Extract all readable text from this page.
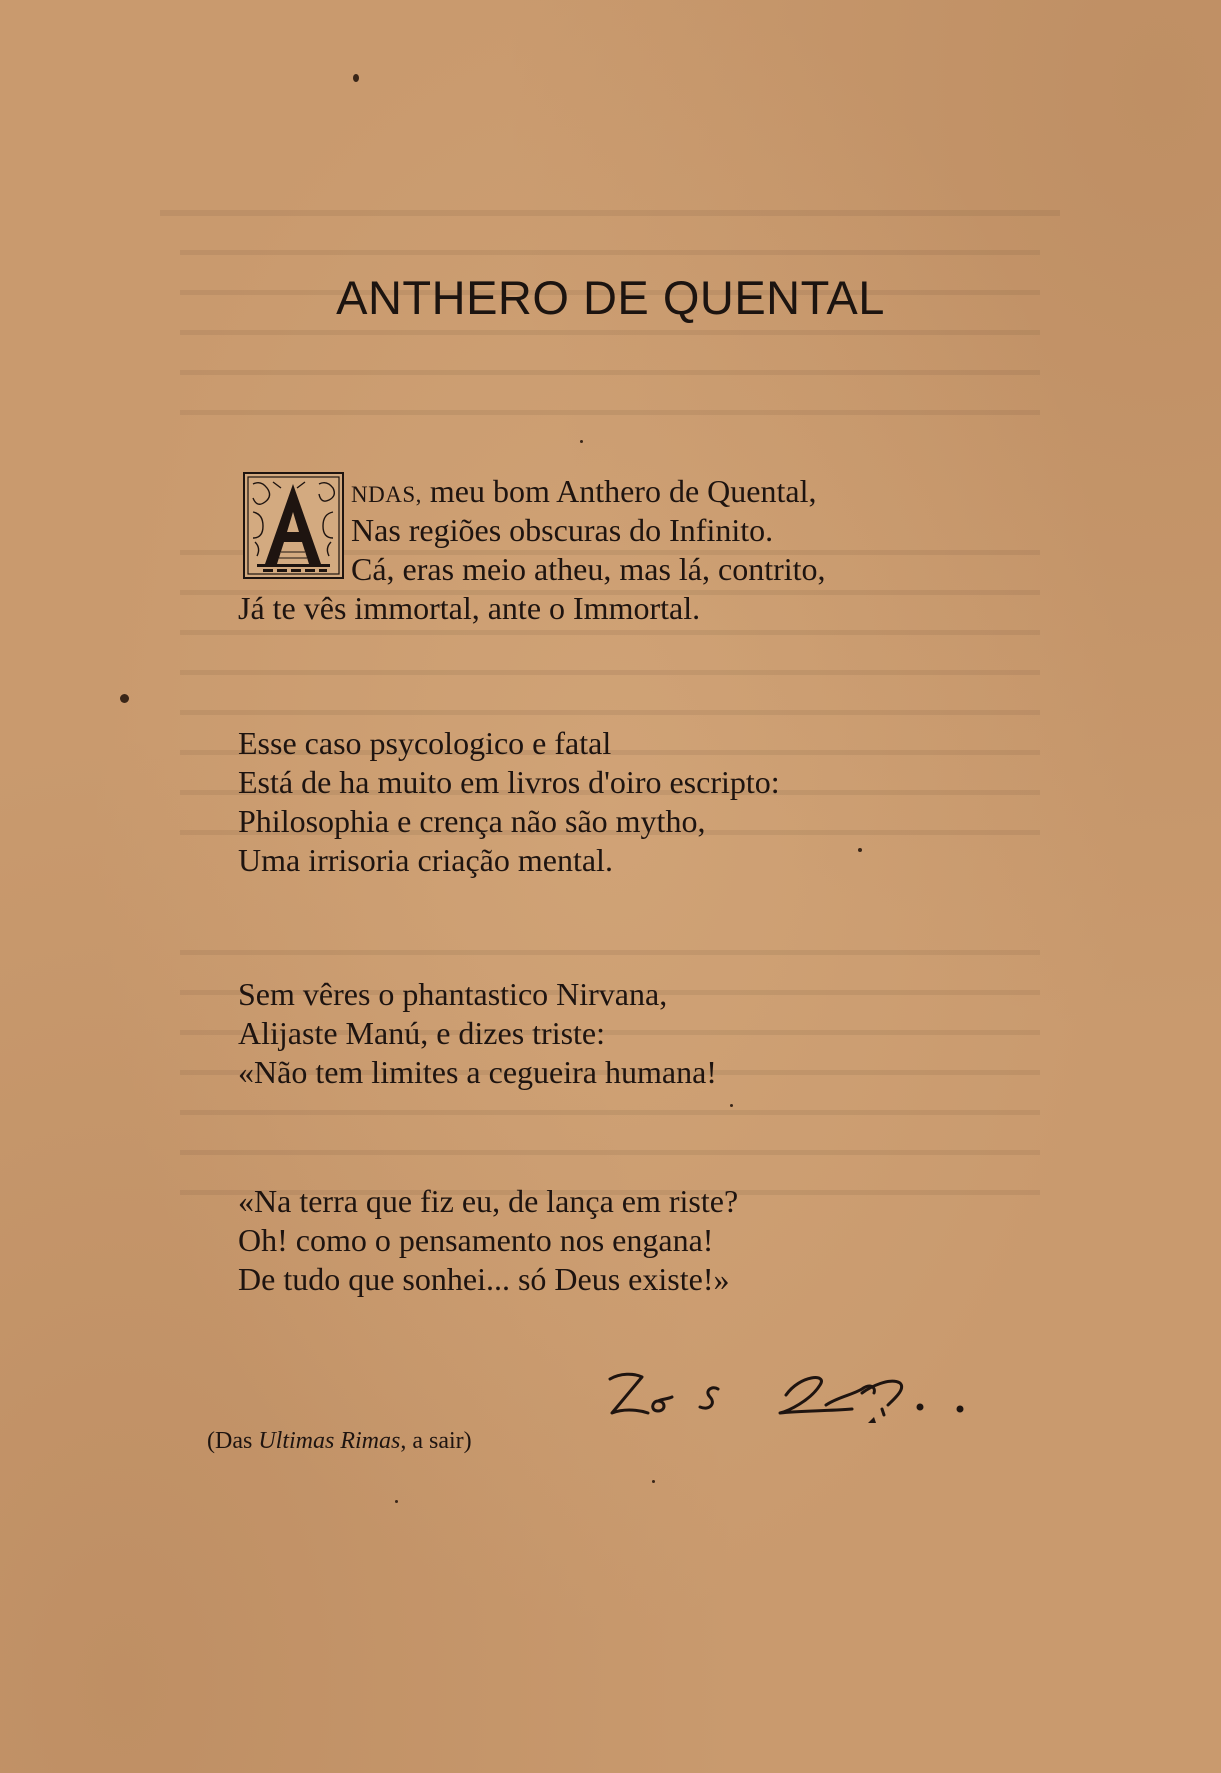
ANTHERO DE QUENTAL
NDAS, meu bom Anthero de Quental,
Nas regiões obscuras do Infinito.
Cá, eras meio atheu, mas lá, contrito,
Já te vês immortal, ante o Immortal.
Esse caso psycologico e fatal
Está de ha muito em livros d'oiro escripto:
Philosophia e crença não são mytho,
Uma irrisoria criação mental.
Sem vêres o phantastico Nirvana,
Alijaste Manú, e dizes triste:
«Não tem limites a cegueira humana!
«Na terra que fiz eu, de lança em riste?
Oh! como o pensamento nos engana!
De tudo que sonhei... só Deus existe!»
(Das Ultimas Rimas, a sair)
